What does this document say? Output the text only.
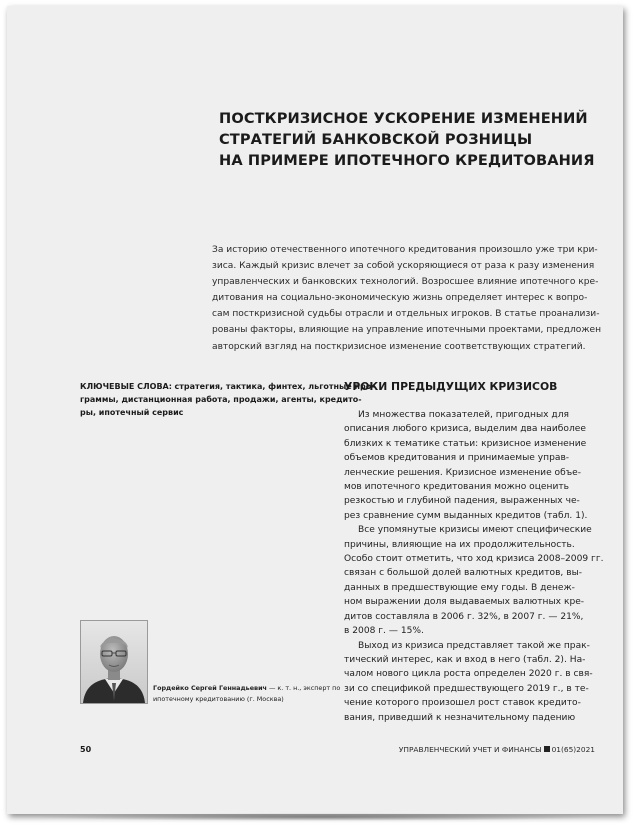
ПОСТКРИЗИСНОЕ УСКОРЕНИЕ ИЗМЕНЕНИЙ
СТРАТЕГИЙ БАНКОВСКОЙ РОЗНИЦЫ
НА ПРИМЕРЕ ИПОТЕЧНОГО КРЕДИТОВАНИЯ
За историю отечественного ипотечного кредитования произошло уже три кри-
зиса. Каждый кризис влечет за собой ускоряющиеся от раза к разу изменения
управленческих и банковских технологий. Возросшее влияние ипотечного кре-
дитования на социально-экономическую жизнь определяет интерес к вопро-
сам посткризисной судьбы отрасли и отдельных игроков. В статье проанализи-
рованы факторы, влияющие на управление ипотечными проектами, предложен
авторский взгляд на посткризисное изменение соответствующих стратегий.
КЛЮЧЕВЫЕ СЛОВА: стратегия, тактика, финтех, льготные про-
граммы, дистанционная работа, продажи, агенты, кредито-
ры, ипотечный сервис
УРОКИ ПРЕДЫДУЩИХ КРИЗИСОВ
Из множества показателей, пригодных для
описания любого кризиса, выделим два наиболее
близких к тематике статьи: кризисное изменение
объемов кредитования и принимаемые управ-
ленческие решения. Кризисное изменение объе-
мов ипотечного кредитования можно оценить
резкостью и глубиной падения, выраженных че-
рез сравнение сумм выданных кредитов (табл. 1).
Все упомянутые кризисы имеют специфические
причины, влияющие на их продолжительность.
Особо стоит отметить, что ход кризиса 2008–2009 гг.
связан с большой долей валютных кредитов, вы-
данных в предшествующие ему годы. В денеж-
ном выражении доля выдаваемых валютных кре-
дитов составляла в 2006 г. 32%, в 2007 г. — 21%,
в 2008 г. — 15%.
Выход из кризиса представляет такой же прак-
тический интерес, как и вход в него (табл. 2). На-
чалом нового цикла роста определен 2020 г. в свя-
зи со спецификой предшествующего 2019 г., в те-
чение которого произошел рост ставок кредито-
вания, приведший к незначительному падению
Гордейко Сергей Геннадьевич — к. т. н., эксперт по
ипотечному кредитованию (г. Москва)
50	УПРАВЛЕНЧЕСКИЙ УЧЕТ И ФИНАНСЫ 01(65)2021
